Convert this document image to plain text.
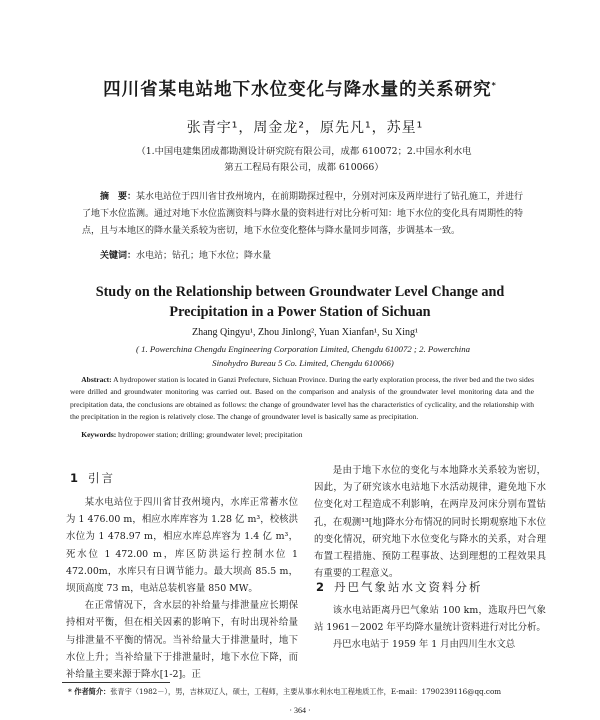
四川省某电站地下水位变化与降水量的关系研究*
张青宇¹，周金龙²，原先凡¹，苏星¹
（1.中国电建集团成都勘测设计研究院有限公司，成都 610072；2.中国水利水电
第五工程局有限公司，成都 610066）
摘　要：某水电站位于四川省甘孜州境内，在前期勘探过程中，分别对河床及两岸进行了钻孔施工，并进行了地下水位监测。通过对地下水位监测资料与降水量的资料进行对比分析可知：地下水位的变化具有周期性的特点，且与本地区的降水量关系较为密切，地下水位变化整体与降水量同步同落，步调基本一致。
关键词：水电站；钻孔；地下水位；降水量
Study on the Relationship between Groundwater Level Change and
Precipitation in a Power Station of Sichuan
Zhang Qingyu¹, Zhou Jinlong², Yuan Xianfan¹, Su Xing¹
( 1. Powerchina Chengdu Engineering Corporation Limited, Chengdu 610072 ; 2. Powerchina
Sinohydro Bureau 5 Co. Limited, Chengdu 610066)
Abstract: A hydropower station is located in Ganzi Prefecture, Sichuan Province. During the early exploration process, the river bed and the two sides were drilled and groundwater monitoring was carried out. Based on the comparison and analysis of the groundwater level monitoring data and the precipitation data, the conclusions are obtained as follows: the change of groundwater level has the characteristics of cyclicality, and the relationship with the precipitation in the region is relatively close. The change of groundwater level is basically same as precipitation.
Keywords: hydropower station; drilling; groundwater level; precipitation
1 引言

某水电站位于四川省甘孜州境内，水库正常蓄水位为 1 476.00 m，相应水库库容为 1.28 亿 m³，校核洪水位为 1 478.97 m，相应水库总库容为 1.4 亿 m³，死水位 1 472.00 m，库区防洪运行控制水位 1 472.00m，水库只有日调节能力。最大坝高 85.5 m，坝顶高度 73 m，电站总装机容量 850 MW。

在正常情况下，含水层的补给量与排泄量应长期保持相对平衡，但在相关因素的影响下，有时出现补给量与排泄量不平衡的情况。当补给量大于排泄量时，地下水位上升；当补给量下于排泄量时，地下水位下降，而补给量主要来源于降水[1-2]。正

是由于地下水位的变化与本地降水关系较为密切，因此，为了研究该水电站地下水活动规律，避免地下水位变化对工程造成不利影响，在两岸及河床分别布置钻孔，在观测¹³[地]降水分布情况的同时长期观察地下水位的变化情况，研究地下水位变化与降水的关系，对合理布置工程措施、预防工程事故、达到理想的工程效果具有重要的工程意义。

2 丹巴气象站水文资料分析

该水电站距离丹巴气象站 100 km，选取丹巴气象站 1961－2002 年平均降水量统计资料进行对比分析。

丹巴水电站于 1959 年 1 月由四川生水文总

* 作者简介：张青宇（1982－），男，吉林双辽人，硕士，工程师，主要从事水利水电工程地质工作，E-mail：1790239116@qq.com
· 364 ·
